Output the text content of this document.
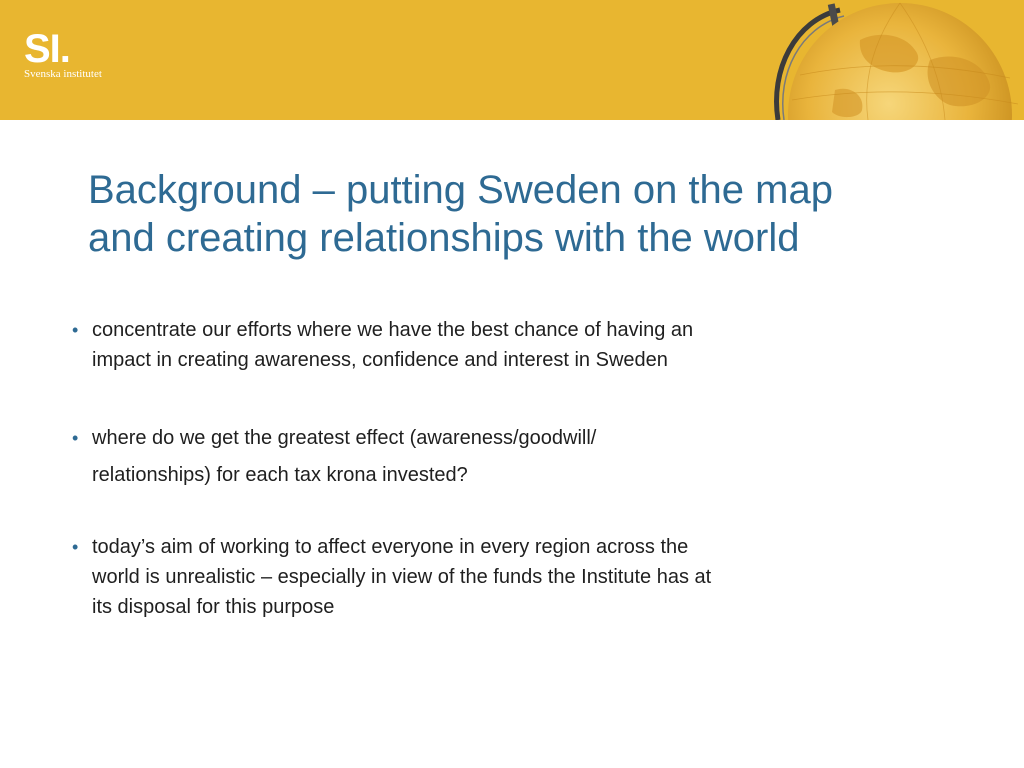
SI.
Svenska institutet
Background – putting Sweden on the map
and creating relationships with the world
• concentrate our efforts where we have the best chance of having an
impact in creating awareness, confidence and interest in Sweden
• where do we get the greatest effect (awareness/goodwill/
relationships) for each tax krona invested?
• today’s aim of working to affect everyone in every region across the
world is unrealistic – especially in view of the funds the Institute has at
its disposal for this purpose
